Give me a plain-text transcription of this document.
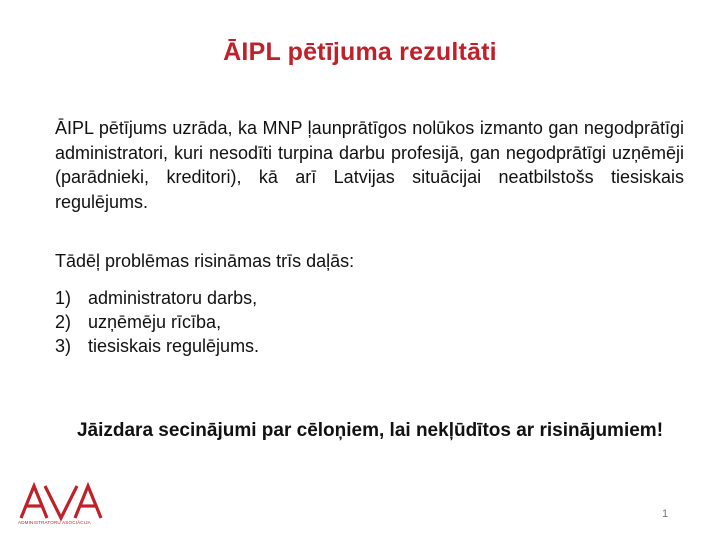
ĀIPL pētījuma rezultāti

ĀIPL pētījums uzrāda, ka MNP ļaunprātīgos nolūkos izmanto gan negodprātīgi administratori, kuri nesodīti turpina darbu profesijā, gan negodprātīgi uzņēmēji (parādnieki, kreditori), kā arī Latvijas situācijai neatbilstošs tiesiskais regulējums.

Tādēļ problēmas risināmas trīs daļās:

1) administratoru darbs,
2) uzņēmēju rīcība,
3) tiesiskais regulējums.

Jāizdara secinājumi par cēloņiem, lai nekļūdītos ar risinājumiem!

ADMINISTRATORU ASOCIĀCIJA
1
